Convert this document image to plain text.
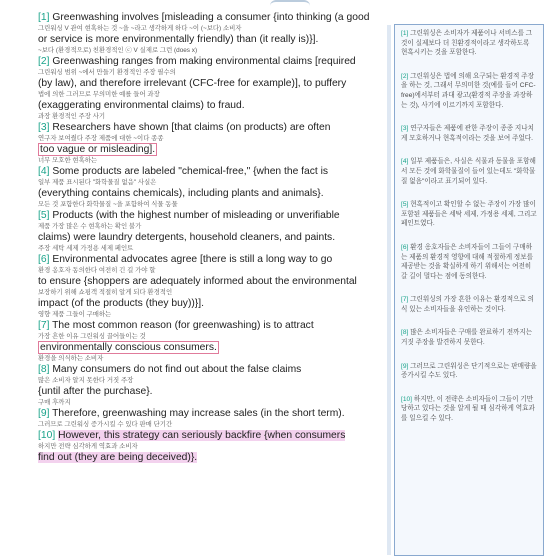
[1] Greenwashing involves [misleading a consumer {into thinking (a good
그린워싱 V 관여 현혹하는 것 ~을 ~라고 생각하게 하다 ~이 (~보다) 소비자
or service is more environmentally friendly) than (it really is)}].
~보다 (환경적으로) 친환경적인 ⓒ V 실제로 그런 (does x)
[2] Greenwashing ranges from making environmental claims [required
그린워싱 범위 ~에서 만들기 환경적인 주장 필수의
(by law), and therefore irrelevant (CFC-free for example)], to puffery
법에 의한 그러므로 무의미한 예를 들어 과장
(exaggerating environmental claims) to fraud.
과장 환경적인 주장 사기
[3] Researchers have shown [that claims (on products) are often
연구자 보여줬다 주장 제품에 대한 ~이다 종종
too vague or misleading].
너무 모호한 현혹하는
[4] Some products are labeled "chemical-free," {when the fact is
일부 제품 표시된다 "화학물질 없음" 사실은
(everything contains chemicals), including plants and animals}.
모든 것 포함한다 화학물질 ~을 포함하여 식물 동물
[5] Products (with the highest number of misleading or unverifiable
제품 가장 많은 수 현혹하는 확인 불가
claims) were laundry detergents, household cleaners, and paints.
주장 세탁 세제 가정용 세제 페인트
[6] Environmental advocates agree [there is still a long way to go
환경 옹호자 동의한다 여전히 긴 길 가야 할
to ensure {shoppers are adequately informed about the environmental
보장하기 위해 쇼핑객 적절히 알게 되다 환경적인
impact (of the products (they buy))}].
영향 제품 그들이 구매하는
[7] The most common reason (for greenwashing) is to attract
가장 흔한 이유 그린워싱 끌어들이는 것
environmentally conscious consumers.
환경을 의식하는 소비자
[8] Many consumers do not find out about the false claims
많은 소비자 알지 못한다 거짓 주장
{until after the purchase}.
구매 후까지
[9] Therefore, greenwashing may increase sales (in the short term).
그러므로 그린워싱 증가시킬 수 있다 판매 단기간
[10] However, this strategy can seriously backfire {when consumers
하지만 전략 심각하게 역효과 소비자
find out (they are being deceived)}.
[1] 그린워싱은 소비자가 제품이나 서비스를 그것이 실제보다 더 친환경적이라고 생각하도록 현혹시키는 것을 포함한다.
[2] 그린워싱은 법에 의해 요구되는 환경적 주장을 하는 것, 그래서 무의미한 것(예를 들어 CFC-free)에서부터 과대 광고(환경적 주장을 과장하는 것), 사기에 이르기까지 포함한다.
[3] 연구자들은 제품에 관한 주장이 종종 지나치게 모호하거나 현혹적이라는 것을 보여 주었다.
[4] 일부 제품들은, 사실은 식물과 동물을 포함해서 모든 것에 화학물질이 들어 있는데도 "화학물질 없음"이라고 표기되어 있다.
[5] 현혹적이고 확인할 수 없는 주장이 가장 많이 포함된 제품들은 세탁 세제, 가정용 세제, 그리고 페인트였다.
[6] 환경 옹호자들은 소비자들이 그들이 구매하는 제품의 환경적 영향에 대해 적절하게 정보를 제공받는 것을 확실하게 하기 위해서는 여전히 갈 길이 멀다는 점에 동의한다.
[7] 그린워싱의 가장 흔한 이유는 환경적으로 의식 있는 소비자들을 유인하는 것이다.
[8] 많은 소비자들은 구매를 완료하기 전까지는 거짓 주장을 발견하지 못한다.
[9] 그러므로 그린워싱은 단기적으로는 판매량을 증가시킬 수도 있다.
[10] 하지만, 이 전략은 소비자들이 그들이 기만당하고 있다는 것을 알게 될 때 심각하게 역효과를 일으킬 수 있다.
